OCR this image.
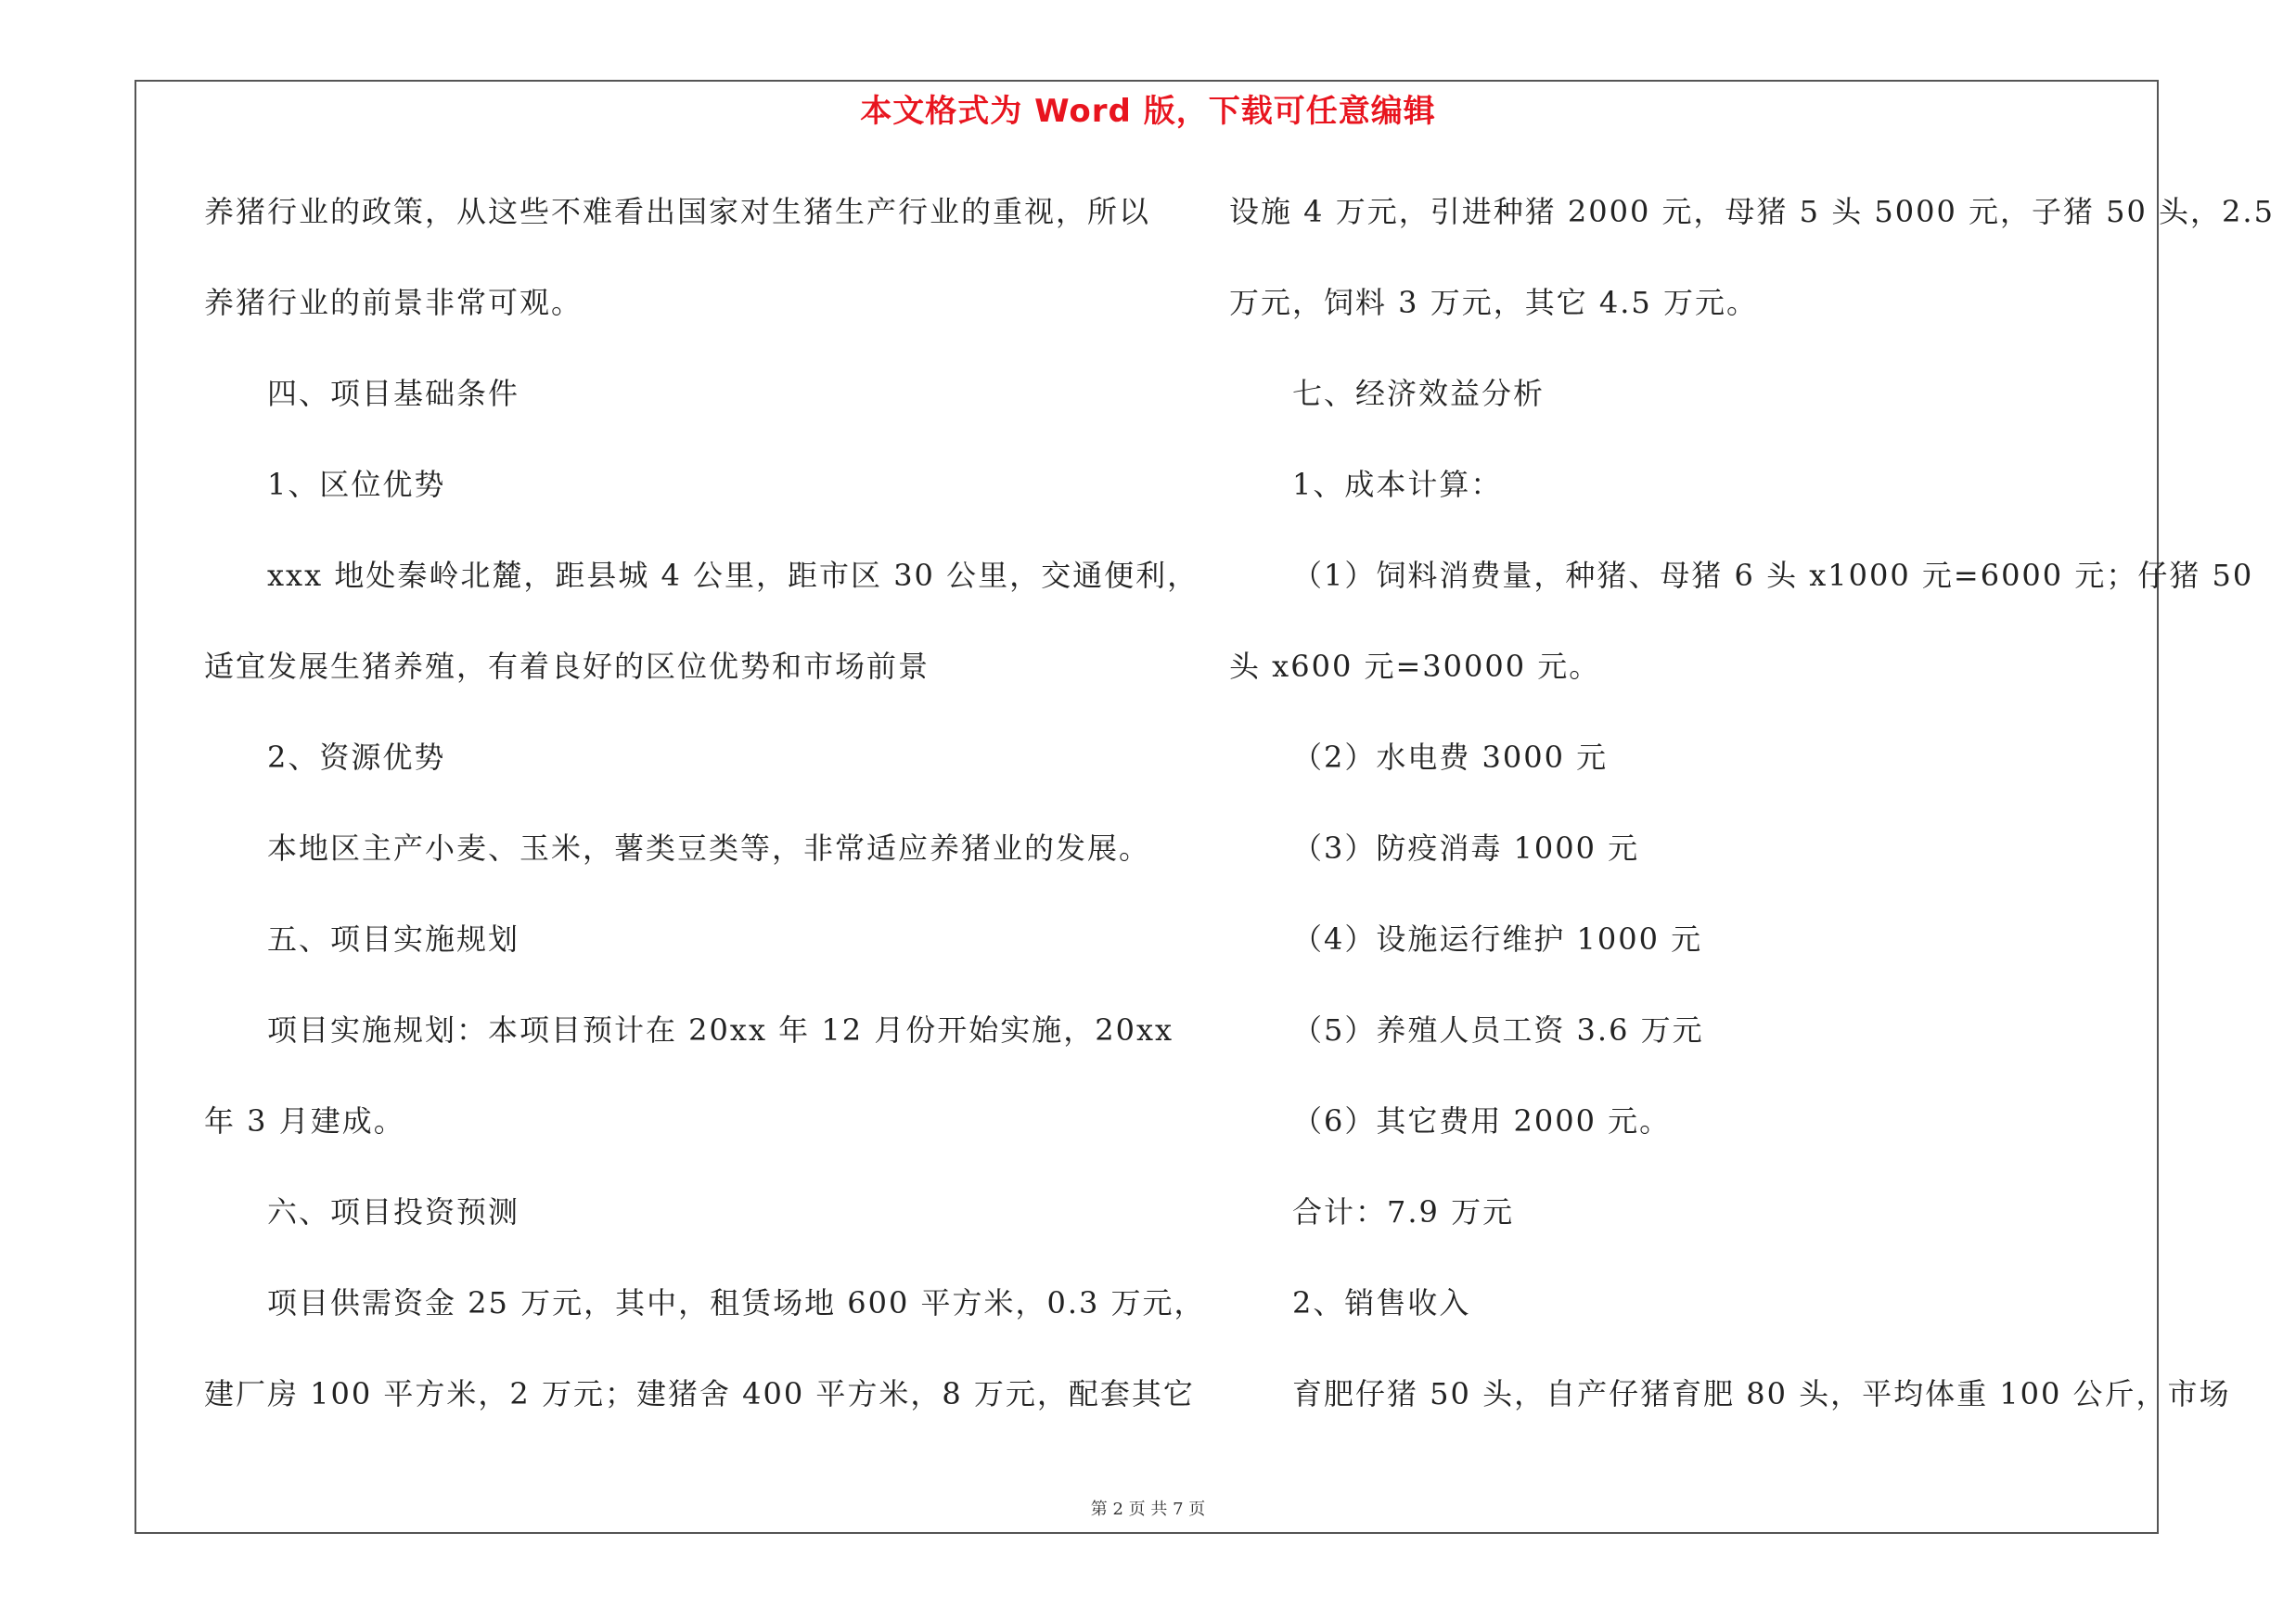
本文格式为 Word 版，下载可任意编辑
养猪行业的政策，从这些不难看出国家对生猪生产行业的重视，所以
养猪行业的前景非常可观。
四、项目基础条件
1、区位优势
xxx 地处秦岭北麓，距县城 4 公里，距市区 30 公里，交通便利，
适宜发展生猪养殖，有着良好的区位优势和市场前景
2、资源优势
本地区主产小麦、玉米，薯类豆类等，非常适应养猪业的发展。
五、项目实施规划
项目实施规划：本项目预计在 20xx 年 12 月份开始实施，20xx
年 3 月建成。
六、项目投资预测
项目供需资金 25 万元，其中，租赁场地 600 平方米，0.3 万元，
建厂房 100 平方米，2 万元；建猪舍 400 平方米，8 万元，配套其它
设施 4 万元，引进种猪 2000 元，母猪 5 头 5000 元，子猪 50 头，2.5
万元，饲料 3 万元，其它 4.5 万元。
七、经济效益分析
1、成本计算：
（1）饲料消费量，种猪、母猪 6 头 x1000 元=6000 元；仔猪 50
头 x600 元=30000 元。
（2）水电费 3000 元
（3）防疫消毒 1000 元
（4）设施运行维护 1000 元
（5）养殖人员工资 3.6 万元
（6）其它费用 2000 元。
合计：7.9 万元
2、销售收入
育肥仔猪 50 头，自产仔猪育肥 80 头，平均体重 100 公斤，市场
第 2 页 共 7 页
